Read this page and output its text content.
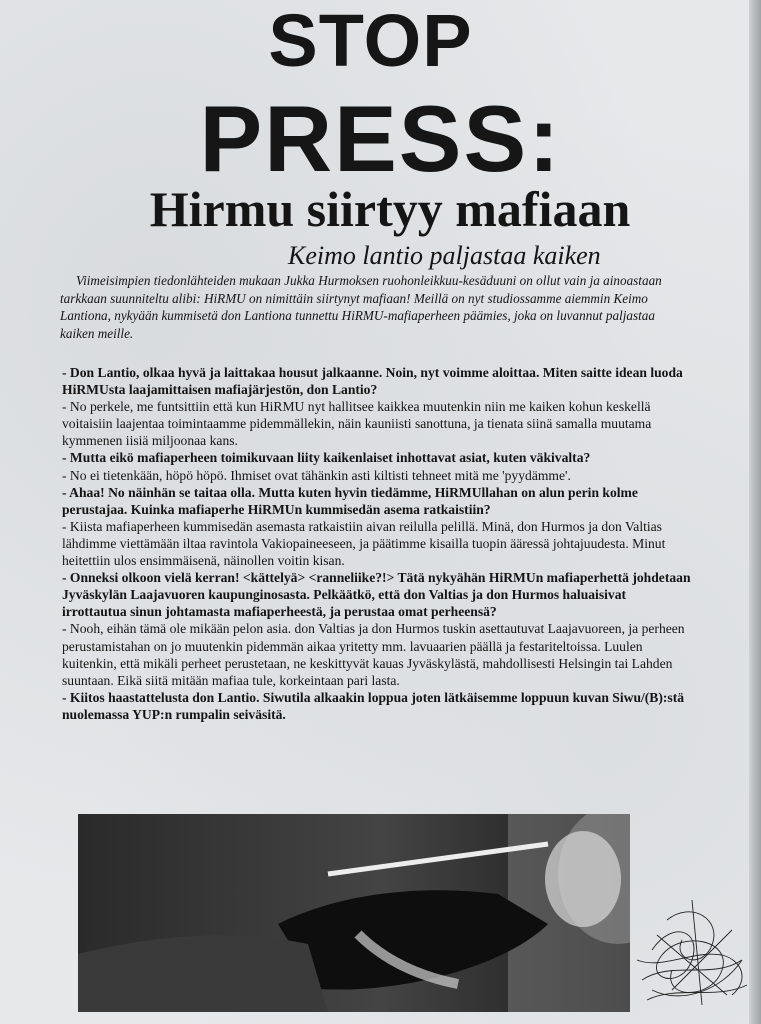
STOP
PRESS:
Hirmu siirtyy mafiaan

Keimo lantio paljastaa kaiken

Viimeisimpien tiedonlähteiden mukaan Jukka Hurmoksen ruohonleikkuu-kesäduuni on ollut vain ja ainoastaan tarkkaan suunniteltu alibi: HiRMU on nimittäin siirtynyt mafiaan! Meillä on nyt studiossamme aiemmin Keimo Lantiona, nykyään kummisetä don Lantiona tunnettu HiRMU-mafiaperheen päämies, joka on luvannut paljastaa kaiken meille.

- Don Lantio, olkaa hyvä ja laittakaa housut jalkaanne. Noin, nyt voimme aloittaa. Miten saitte idean luoda HiRMUsta laajamittaisen mafiajärjestön, don Lantio?

- No perkele, me funtsittiin että kun HiRMU nyt hallitsee kaikkea muutenkin niin me kaiken kohun keskellä voitaisiin laajentaa toimintaamme pidemmällekin, näin kauniisti sanottuna, ja tienata siinä samalla muutama kymmenen iisiä miljoonaa kans.

- Mutta eikö mafiaperheen toimikuvaan liity kaikenlaiset inhottavat asiat, kuten väkivalta?

- No ei tietenkään, höpö höpö. Ihmiset ovat tähänkin asti kiltisti tehneet mitä me 'pyydämme'.

- Ahaa! No näinhän se taitaa olla. Mutta kuten hyvin tiedämme, HiRMUllahan on alun perin kolme perustajaa. Kuinka mafiaperhe HiRMUn kummisedän asema ratkaistiin?

- Kiista mafiaperheen kummisedän asemasta ratkaistiin aivan reilulla pelillä. Minä, don Hurmos ja don Valtias lähdimme viettämään iltaa ravintola Vakiopaineeseen, ja päätimme kisailla tuopin ääressä johtajuudesta. Minut heitettiin ulos ensimmäisenä, näinollen voitin kisan.

- Onneksi olkoon vielä kerran! <kättelyä> <ranneliike?!> Tätä nykyähän HiRMUn mafiaperhettä johdetaan Jyväskylän Laajavuoren kaupunginosasta. Pelkäätkö, että don Valtias ja don Hurmos haluaisivat irrottautua sinun johtamasta mafiaperheestä, ja perustaa omat perheensä?

- Nooh, eihän tämä ole mikään pelon asia. don Valtias ja don Hurmos tuskin asettautuvat Laajavuoreen, ja perheen perustamistahan on jo muutenkin pidemmän aikaa yritetty mm. lavuaarien päällä ja festariteltoissa. Luulen kuitenkin, että mikäli perheet perustetaan, ne keskittyvät kauas Jyväskylästä, mahdollisesti Helsingin tai Lahden suuntaan. Eikä siitä mitään mafiaa tule, korkeintaan pari lasta.

- Kiitos haastattelusta don Lantio. Siwutila alkaakin loppua joten lätkäisemme loppuun kuvan Siwu/(B):stä nuolemassa YUP:n rumpalin seiväsitä.
